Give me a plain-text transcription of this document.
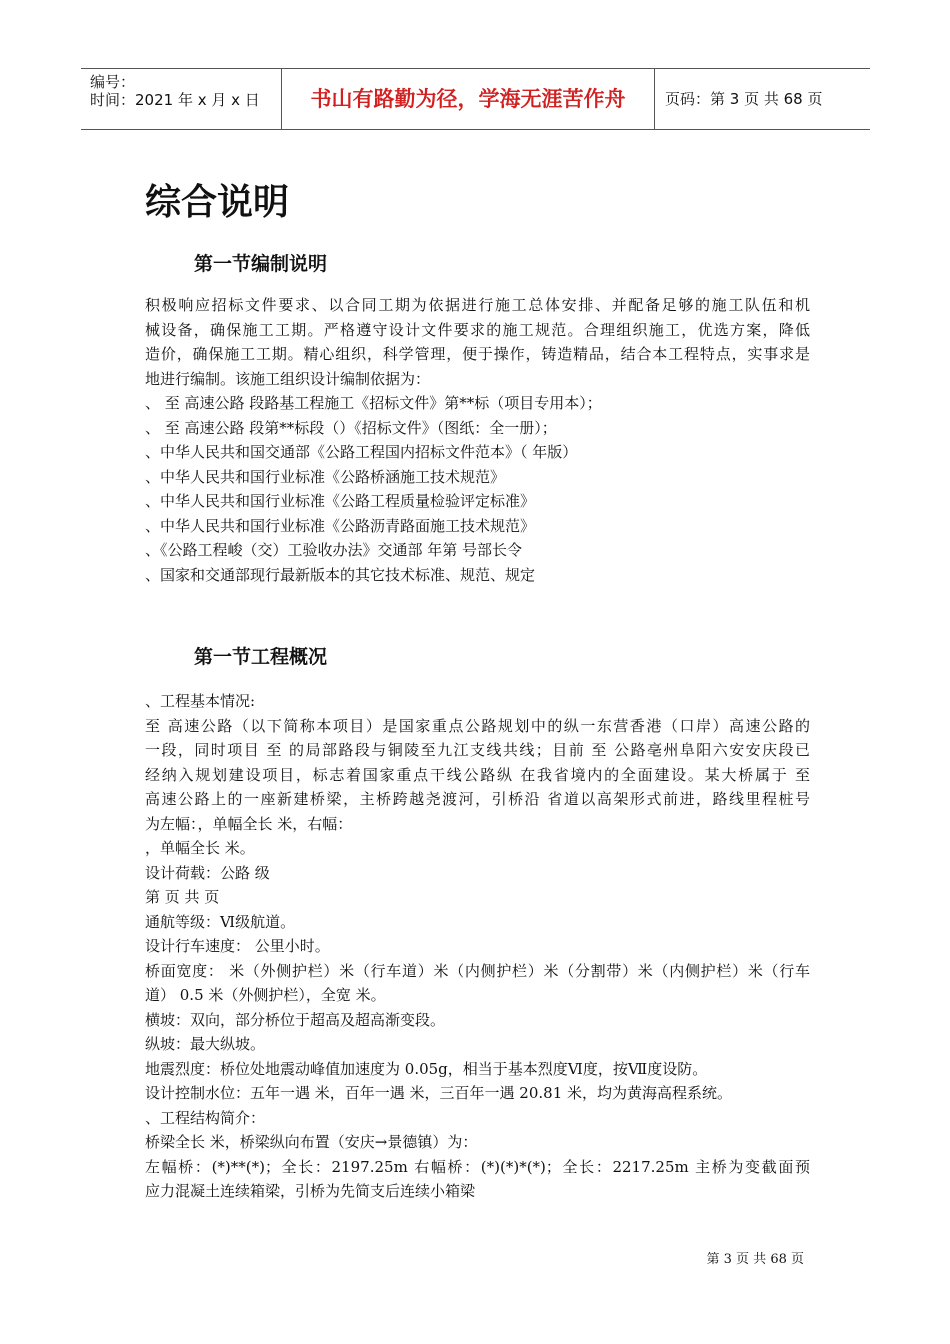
编号：
时间：2021 年 x 月 x 日	书山有路勤为径，学海无涯苦作舟	页码：第 3 页 共 68 页
综合说明
第一节编制说明

积极响应招标文件要求、以合同工期为依据进行施工总体安排、并配备足够的施工队伍和机

械设备，确保施工工期。严格遵守设计文件要求的施工规范。合理组织施工，优选方案，降低

造价，确保施工工期。精心组织，科学管理，便于操作，铸造精品，结合本工程特点，实事求是

地进行编制。该施工组织设计编制依据为：

、 至 高速公路 段路基工程施工《招标文件》第**标（项目专用本）；

、 至 高速公路 段第**标段（）《招标文件》（图纸：全一册）；

、中华人民共和国交通部《公路工程国内招标文件范本》（ 年版）

、中华人民共和国行业标准《公路桥涵施工技术规范》

、中华人民共和国行业标准《公路工程质量检验评定标准》

、中华人民共和国行业标准《公路沥青路面施工技术规范》

、《公路工程峻（交）工验收办法》交通部 年第 号部长令

、国家和交通部现行最新版本的其它技术标准、规范、规定

第一节工程概况

、工程基本情况:

至 高速公路（以下简称本项目）是国家重点公路规划中的纵一东营香港（口岸）高速公路的

一段，同时项目 至 的局部路段与铜陵至九江支线共线；目前 至 公路亳州阜阳六安安庆段已

经纳入规划建设项目，标志着国家重点干线公路纵 在我省境内的全面建设。某大桥属于 至

高速公路上的一座新建桥梁，主桥跨越尧渡河，引桥沿 省道以高架形式前进，路线里程桩号

为左幅：，单幅全长 米，右幅：

，单幅全长 米。

设计荷载：公路 级

第 页 共 页

通航等级：Ⅵ级航道。

设计行车速度： 公里小时。

桥面宽度： 米（外侧护栏）米（行车道）米（内侧护栏）米（分割带）米（内侧护栏）米（行车

道） 0.5 米（外侧护栏），全宽 米。

横坡：双向，部分桥位于超高及超高渐变段。

纵坡：最大纵坡。

地震烈度：桥位处地震动峰值加速度为 0.05g，相当于基本烈度Ⅵ度，按Ⅶ度设防。

设计控制水位：五年一遇 米，百年一遇 米，三百年一遇 20.81 米，均为黄海高程系统。

、工程结构简介：

桥梁全长 米，桥梁纵向布置（安庆→景德镇）为：

左幅桥：(*)**(*)；全长：2197.25m 右幅桥：(*)(*)*(*)；全长：2217.25m 主桥为变截面预

应力混凝土连续箱梁，引桥为先简支后连续小箱梁

第 3 页 共 68 页
